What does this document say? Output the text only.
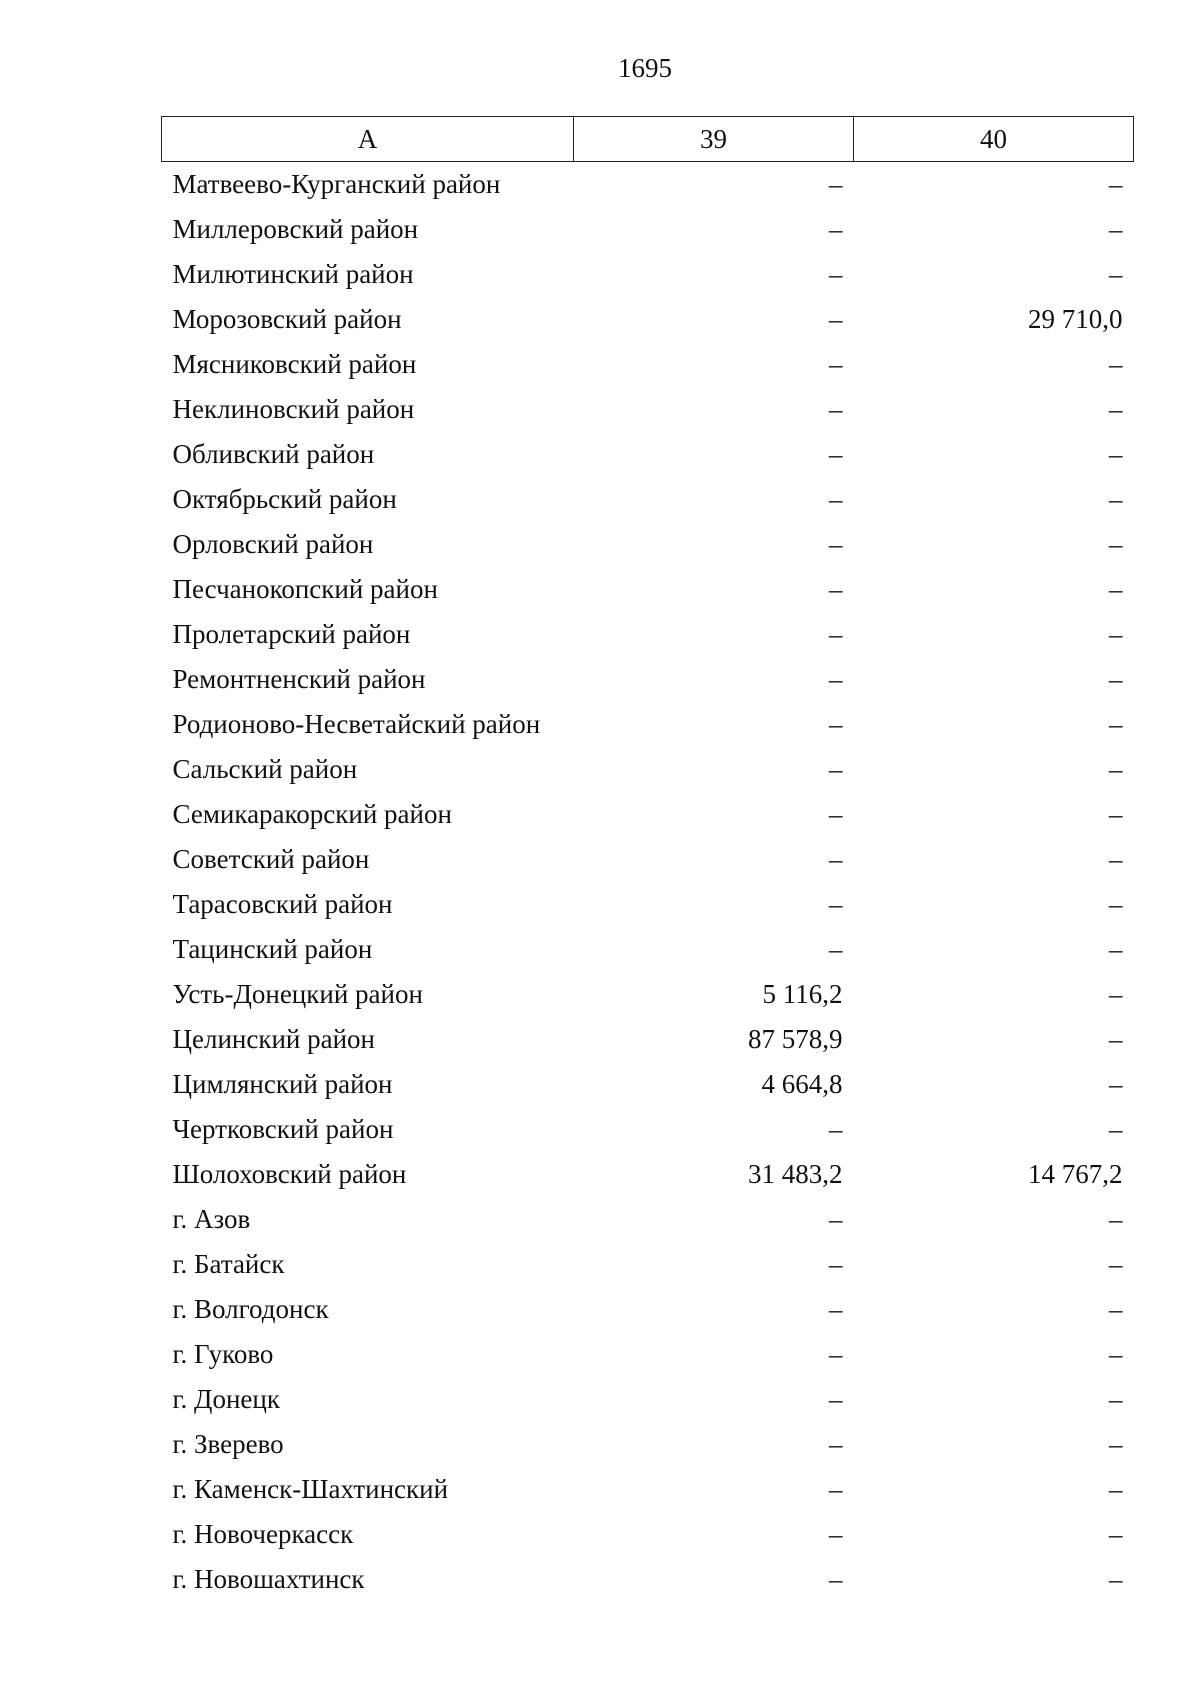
1695
А	39	40
Матвеево-Курганский район	–	–
Миллеровский район	–	–
Милютинский район	–	–
Морозовский район	–	29 710,0
Мясниковский район	–	–
Неклиновский район	–	–
Обливский район	–	–
Октябрьский район	–	–
Орловский район	–	–
Песчанокопский район	–	–
Пролетарский район	–	–
Ремонтненский район	–	–
Родионово-Несветайский район	–	–
Сальский район	–	–
Семикаракорский район	–	–
Советский район	–	–
Тарасовский район	–	–
Тацинский район	–	–
Усть-Донецкий район	5 116,2	–
Целинский район	87 578,9	–
Цимлянский район	4 664,8	–
Чертковский район	–	–
Шолоховский район	31 483,2	14 767,2
г. Азов	–	–
г. Батайск	–	–
г. Волгодонск	–	–
г. Гуково	–	–
г. Донецк	–	–
г. Зверево	–	–
г. Каменск-Шахтинский	–	–
г. Новочеркасск	–	–
г. Новошахтинск	–	–
